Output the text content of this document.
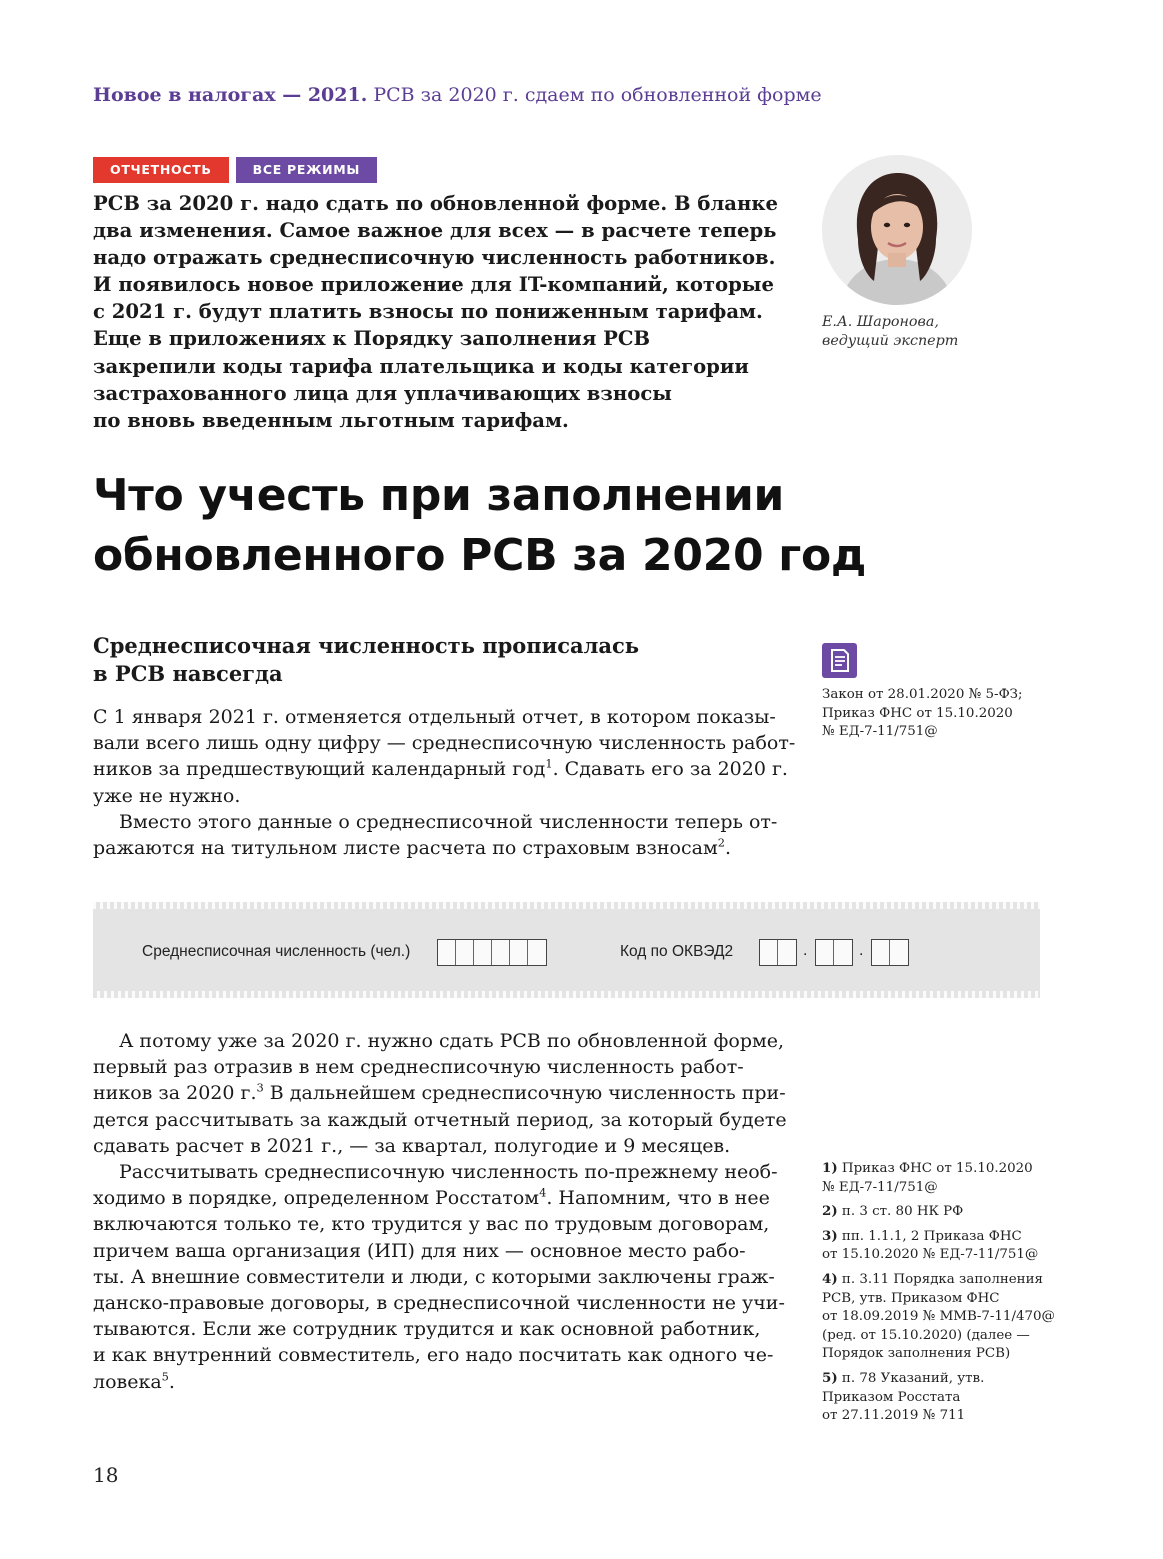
Новое в налогах — 2021. РСВ за 2020 г. сдаем по обновленной форме
ОТЧЕТНОСТЬ	ВСЕ РЕЖИМЫ
РСВ за 2020 г. надо сдать по обновленной форме. В бланке
два изменения. Самое важное для всех — в расчете теперь
надо отражать среднесписочную численность работников.
И появилось новое приложение для IT-компаний, которые
с 2021 г. будут платить взносы по пониженным тарифам.
Еще в приложениях к Порядку заполнения РСВ
закрепили коды тарифа плательщика и коды категории
застрахованного лица для уплачивающих взносы
по вновь введенным льготным тарифам.
Е.А. Шаронова,
ведущий эксперт
Что учесть при заполнении
обновленного РСВ за 2020 год
Среднесписочная численность прописалась
в РСВ навсегда
Закон от 28.01.2020 № 5-ФЗ;
Приказ ФНС от 15.10.2020
№ ЕД-7-11/751@
С 1 января 2021 г. отменяется отдельный отчет, в котором показы-
вали всего лишь одну цифру — среднесписочную численность работ-
ников за предшествующий календарный год$^1$. Сдавать его за 2020 г.
уже не нужно.
Вместо этого данные о среднесписочной численности теперь от-
ражаются на титульном листе расчета по страховым взносам$^2$.
Среднесписочная численность (чел.)	Код по ОКВЭД2	.	.
А потому уже за 2020 г. нужно сдать РСВ по обновленной форме,
первый раз отразив в нем среднесписочную численность работ-
ников за 2020 г.$^3$ В дальнейшем среднесписочную численность при-
дется рассчитывать за каждый отчетный период, за который будете
сдавать расчет в 2021 г., — за квартал, полугодие и 9 месяцев.
Рассчитывать среднесписочную численность по-прежнему необ-
ходимо в порядке, определенном Росстатом$^4$. Напомним, что в нее
включаются только те, кто трудится у вас по трудовым договорам,
причем ваша организация (ИП) для них — основное место рабо-
ты. А внешние совместители и люди, с которыми заключены граж-
данско-правовые договоры, в среднесписочной численности не учи-
тываются. Если же сотрудник трудится и как основной работник,
и как внутренний совместитель, его надо посчитать как одного че-
ловека$^5$.
1) Приказ ФНС от 15.10.2020
№ ЕД-7-11/751@
2) п. 3 ст. 80 НК РФ
3) пп. 1.1.1, 2 Приказа ФНС
от 15.10.2020 № ЕД-7-11/751@
4) п. 3.11 Порядка заполнения
РСВ, утв. Приказом ФНС
от 18.09.2019 № ММВ-7-11/470@
(ред. от 15.10.2020) (далее —
Порядок заполнения РСВ)
5) п. 78 Указаний, утв.
Приказом Росстата
от 27.11.2019 № 711
18
